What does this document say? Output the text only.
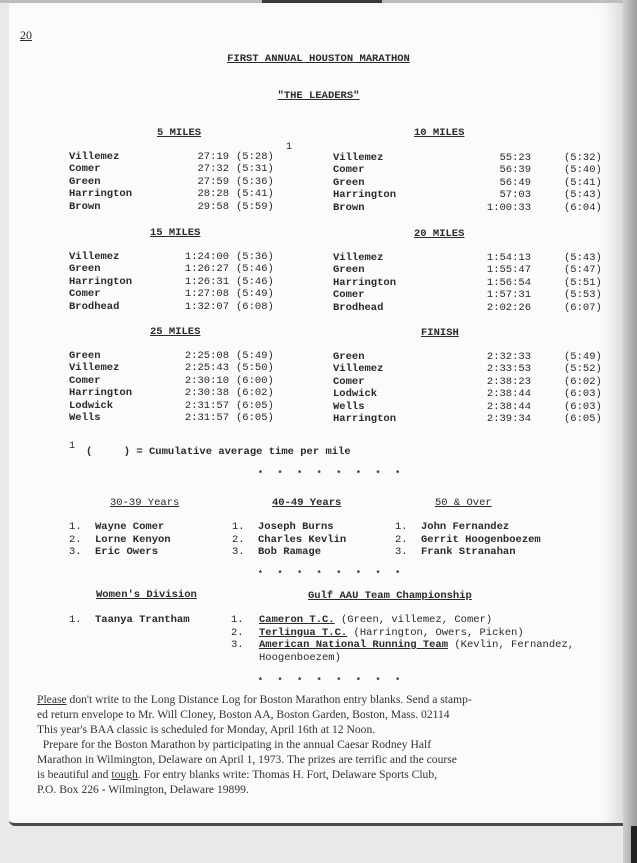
20
FIRST ANNUAL HOUSTON MARATHON
"THE LEADERS"
5 MILES
1
Villemez	27:19	(5:28)
Comer	27:32	(5:31)
Green	27:59	(5:36)
Harrington	28:28	(5:41)
Brown	29:58	(5:59)
10 MILES
Villemez	55:23	(5:32)
Comer	56:39	(5:40)
Green	56:49	(5:41)
Harrington	57:03	(5:43)
Brown	1:00:33	(6:04)
15 MILES
Villemez	1:24:00	(5:36)
Green	1:26:27	(5:46)
Harrington	1:26:31	(5:46)
Comer	1:27:08	(5:49)
Brodhead	1:32:07	(6:08)
20 MILES
Villemez	1:54:13	(5:43)
Green	1:55:47	(5:47)
Harrington	1:56:54	(5:51)
Comer	1:57:31	(5:53)
Brodhead	2:02:26	(6:07)
25 MILES
Green	2:25:08	(5:49)
Villemez	2:25:43	(5:50)
Comer	2:30:10	(6:00)
Harrington	2:30:38	(6:02)
Lodwick	2:31:57	(6:05)
Wells	2:31:57	(6:05)
FINISH
Green	2:32:33	(5:49)
Villemez	2:33:53	(5:52)
Comer	2:38:23	(6:02)
Lodwick	2:38:44	(6:03)
Wells	2:38:44	(6:03)
Harrington	2:39:34	(6:05)
1 (     ) = Cumulative average time per mile
* * * * * * * *
30-39 Years
1. Wayne Comer
2. Lorne Kenyon
3. Eric Owers
40-49 Years
1. Joseph Burns
2. Charles Kevlin
3. Bob Ramage
50 & Over
1. John Fernandez
2. Gerrit Hoogenboezem
3. Frank Stranahan
* * * * * * * *
Women's Division
1. Taanya Trantham
Gulf AAU Team Championship
1. Cameron T.C. (Green, villemez, Comer)
2. Terlingua T.C. (Harrington, Owers, Picken)
3. American National Running Team (Kevlin, Fernandez,
Hoogenboezem)
* * * * * * * *

Please don't write to the Long Distance Log for Boston Marathon entry blanks. Send a stamp-

ed return envelope to Mr. Will Cloney, Boston AA, Boston Garden, Boston, Mass. 02114

This year's BAA classic is scheduled for Monday, April 16th at 12 Noon.

Prepare for the Boston Marathon by participating in the annual Caesar Rodney Half

Marathon in Wilmington, Delaware on April 1, 1973. The prizes are terrific and the course

is beautiful and tough. For entry blanks write: Thomas H. Fort, Delaware Sports Club,

P.O. Box 226 - Wilmington, Delaware 19899.
